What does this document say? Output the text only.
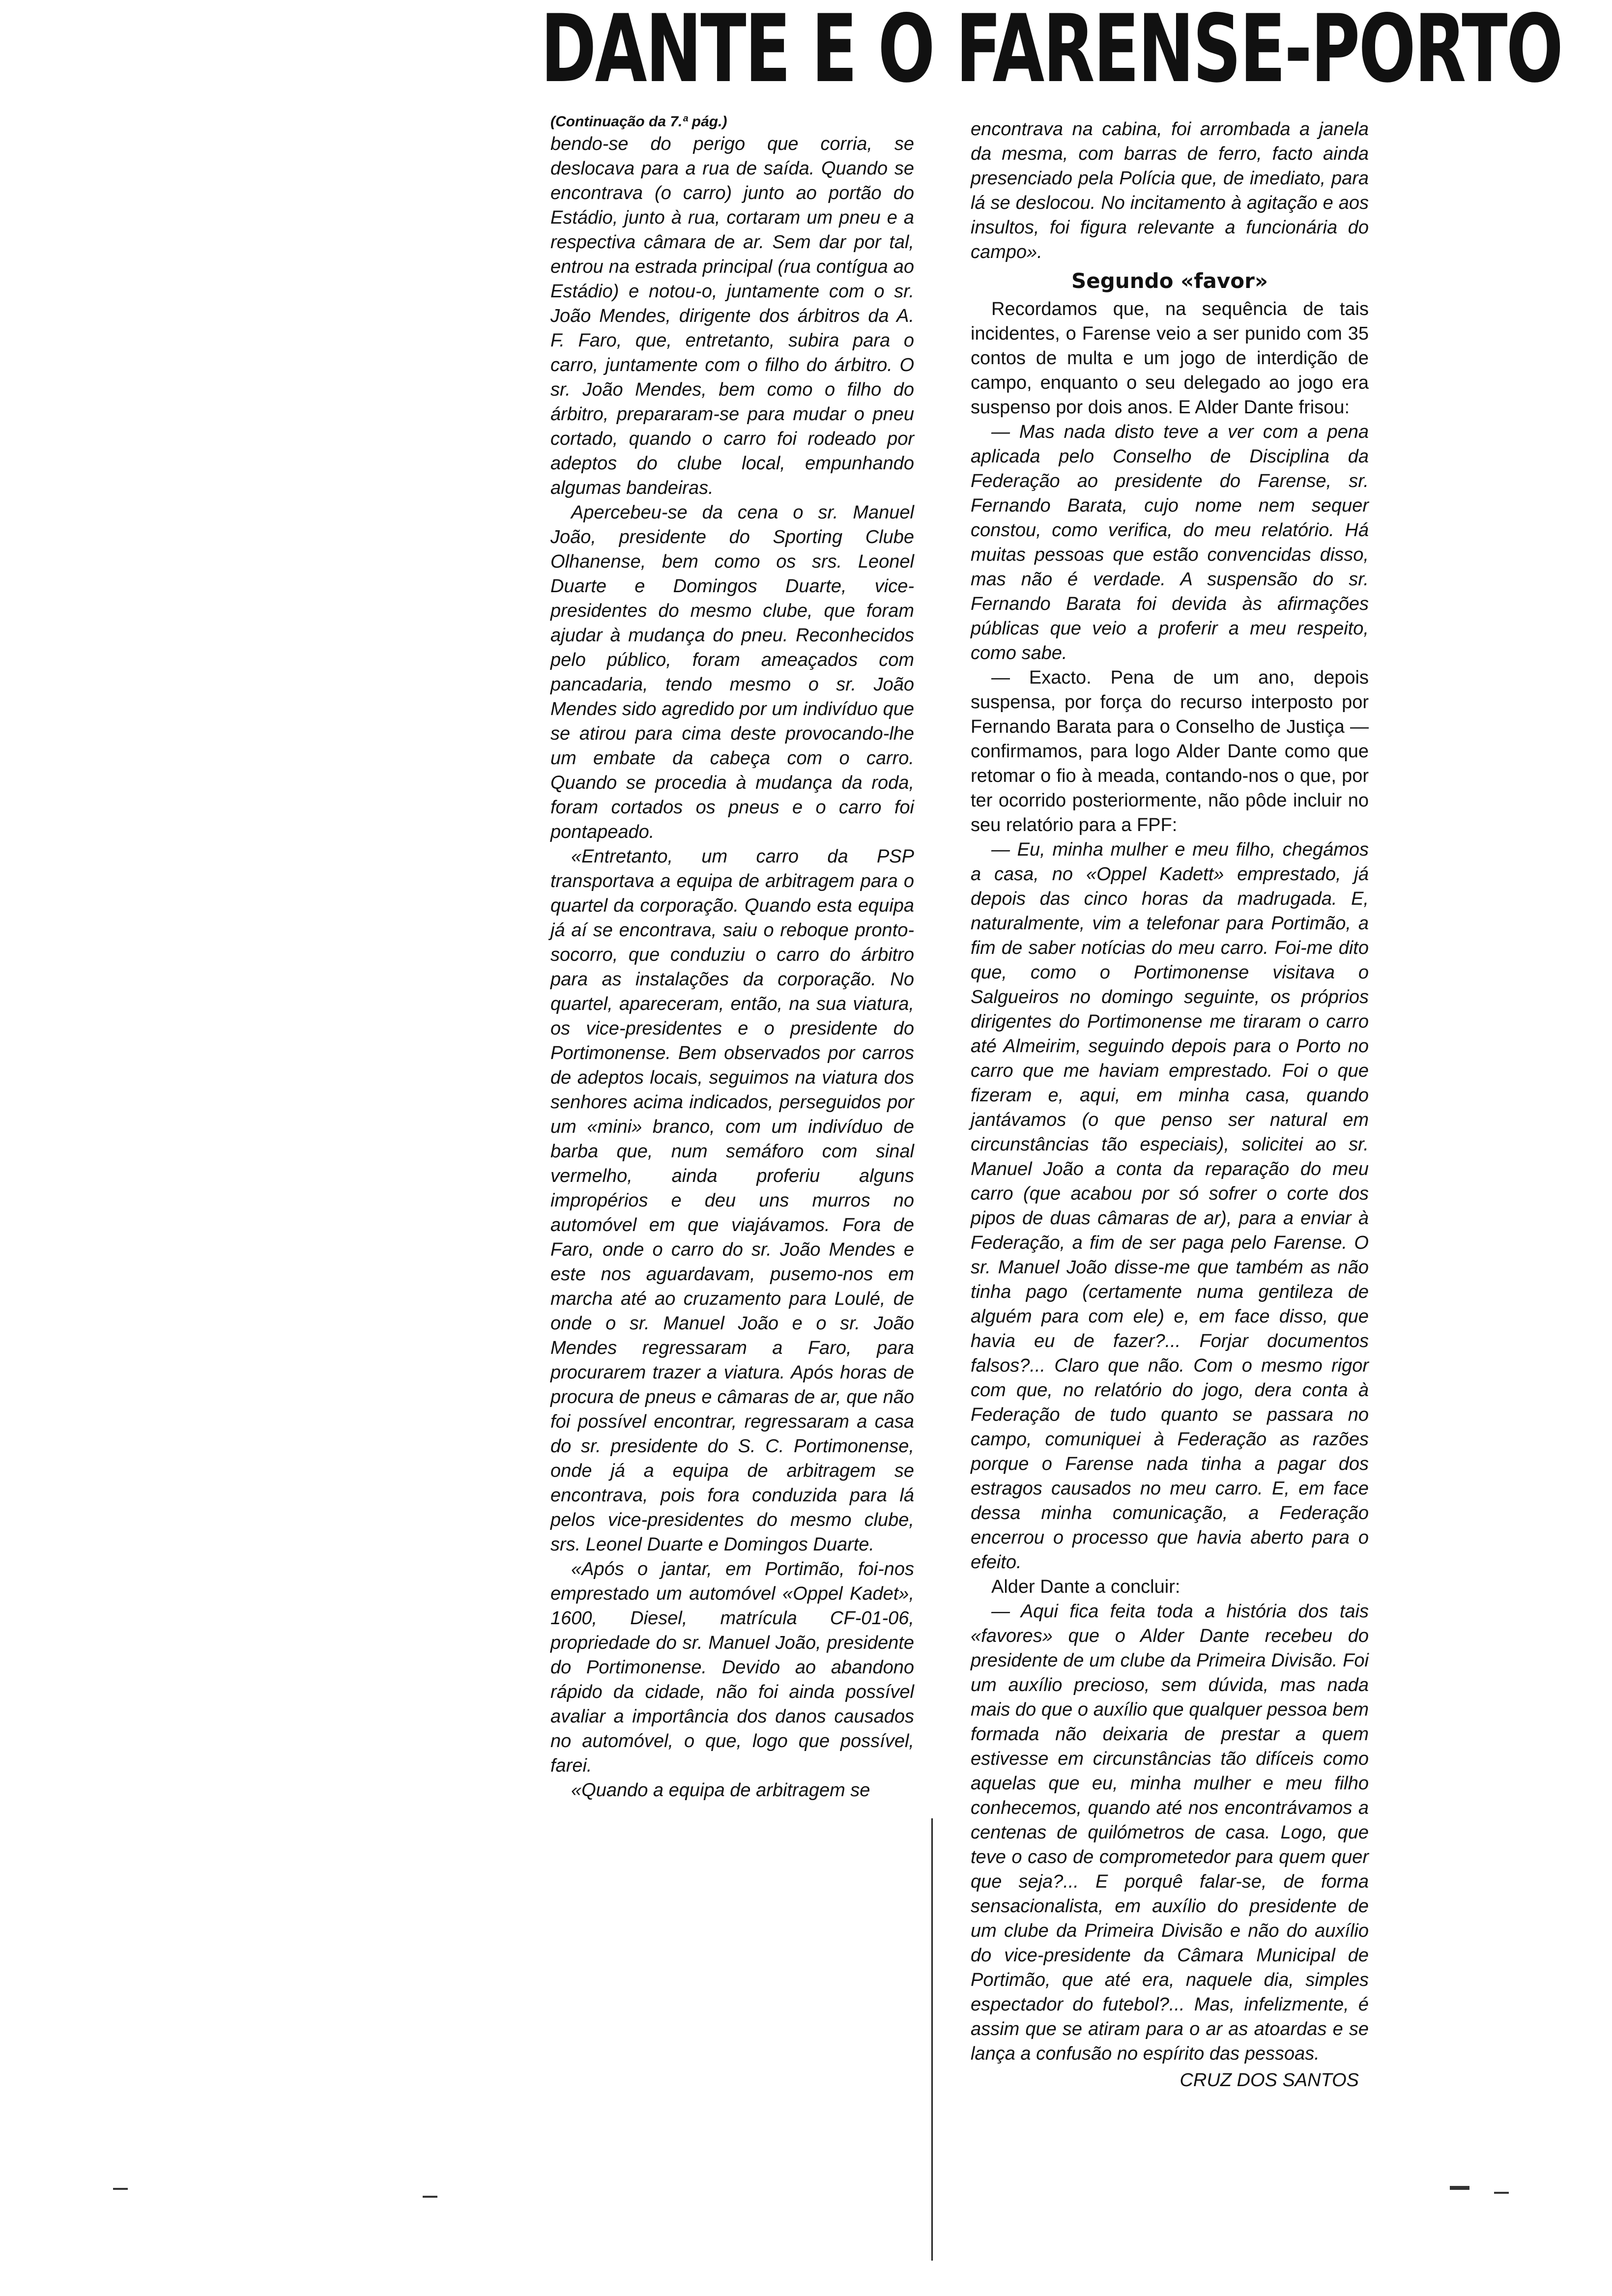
DANTE E O FARENSE-PORTO

(Continuação da 7.ª pág.)

bendo-se do perigo que corria, se deslocava para a rua de saída. Quando se encontrava (o carro) junto ao portão do Estádio, junto à rua, cortaram um pneu e a respectiva câmara de ar. Sem dar por tal, entrou na estrada principal (rua contígua ao Estádio) e notou-o, juntamente com o sr. João Mendes, dirigente dos árbitros da A. F. Faro, que, entretanto, subira para o carro, juntamente com o filho do árbitro. O sr. João Mendes, bem como o filho do árbitro, prepararam-se para mudar o pneu cortado, quando o carro foi rodeado por adeptos do clube local, empunhando algumas bandeiras.

Apercebeu-se da cena o sr. Manuel João, presidente do Sporting Clube Olhanense, bem como os srs. Leonel Duarte e Domingos Duarte, vice-presidentes do mesmo clube, que foram ajudar à mudança do pneu. Reconhecidos pelo público, foram ameaçados com pancadaria, tendo mesmo o sr. João Mendes sido agredido por um indivíduo que se atirou para cima deste provocando-lhe um embate da cabeça com o carro. Quando se procedia à mudança da roda, foram cortados os pneus e o carro foi pontapeado.

«Entretanto, um carro da PSP transportava a equipa de arbitragem para o quartel da corporação. Quando esta equipa já aí se encontrava, saiu o reboque pronto-socorro, que conduziu o carro do árbitro para as instalações da corporação. No quartel, apareceram, então, na sua viatura, os vice-presidentes e o presidente do Portimonense. Bem observados por carros de adeptos locais, seguimos na viatura dos senhores acima indicados, perseguidos por um «mini» branco, com um indivíduo de barba que, num semáforo com sinal vermelho, ainda proferiu alguns impropérios e deu uns murros no automóvel em que viajávamos. Fora de Faro, onde o carro do sr. João Mendes e este nos aguardavam, pusemo-nos em marcha até ao cruzamento para Loulé, de onde o sr. Manuel João e o sr. João Mendes regressaram a Faro, para procurarem trazer a viatura. Após horas de procura de pneus e câmaras de ar, que não foi possível encontrar, regressaram a casa do sr. presidente do S. C. Portimonense, onde já a equipa de arbitragem se encontrava, pois fora conduzida para lá pelos vice-presidentes do mesmo clube, srs. Leonel Duarte e Domingos Duarte.

«Após o jantar, em Portimão, foi-nos emprestado um automóvel «Oppel Kadet», 1600, Diesel, matrícula CF-01-06, propriedade do sr. Manuel João, presidente do Portimonense. Devido ao abandono rápido da cidade, não foi ainda possível avaliar a importância dos danos causados no automóvel, o que, logo que possível, farei.

«Quando a equipa de arbitragem se

encontrava na cabina, foi arrombada a janela da mesma, com barras de ferro, facto ainda presenciado pela Polícia que, de imediato, para lá se deslocou. No incitamento à agitação e aos insultos, foi figura relevante a funcionária do campo».

Segundo «favor»

Recordamos que, na sequência de tais incidentes, o Farense veio a ser punido com 35 contos de multa e um jogo de interdição de campo, enquanto o seu delegado ao jogo era suspenso por dois anos. E Alder Dante frisou:

— Mas nada disto teve a ver com a pena aplicada pelo Conselho de Disciplina da Federação ao presidente do Farense, sr. Fernando Barata, cujo nome nem sequer constou, como verifica, do meu relatório. Há muitas pessoas que estão convencidas disso, mas não é verdade. A suspensão do sr. Fernando Barata foi devida às afirmações públicas que veio a proferir a meu respeito, como sabe.

— Exacto. Pena de um ano, depois suspensa, por força do recurso interposto por Fernando Barata para o Conselho de Justiça — confirmamos, para logo Alder Dante como que retomar o fio à meada, contando-nos o que, por ter ocorrido posteriormente, não pôde incluir no seu relatório para a FPF:

— Eu, minha mulher e meu filho, chegámos a casa, no «Oppel Kadett» emprestado, já depois das cinco horas da madrugada. E, naturalmente, vim a telefonar para Portimão, a fim de saber notícias do meu carro. Foi-me dito que, como o Portimonense visitava o Salgueiros no domingo seguinte, os próprios dirigentes do Portimonense me tiraram o carro até Almeirim, seguindo depois para o Porto no carro que me haviam emprestado. Foi o que fizeram e, aqui, em minha casa, quando jantávamos (o que penso ser natural em circunstâncias tão especiais), solicitei ao sr. Manuel João a conta da reparação do meu carro (que acabou por só sofrer o corte dos pipos de duas câmaras de ar), para a enviar à Federação, a fim de ser paga pelo Farense. O sr. Manuel João disse-me que também as não tinha pago (certamente numa gentileza de alguém para com ele) e, em face disso, que havia eu de fazer?... Forjar documentos falsos?... Claro que não. Com o mesmo rigor com que, no relatório do jogo, dera conta à Federação de tudo quanto se passara no campo, comuniquei à Federação as razões porque o Farense nada tinha a pagar dos estragos causados no meu carro. E, em face dessa minha comunicação, a Federação encerrou o processo que havia aberto para o efeito.

Alder Dante a concluir:

— Aqui fica feita toda a história dos tais «favores» que o Alder Dante recebeu do presidente de um clube da Primeira Divisão. Foi um auxílio precioso, sem dúvida, mas nada mais do que o auxílio que qualquer pessoa bem formada não deixaria de prestar a quem estivesse em circunstâncias tão difíceis como aquelas que eu, minha mulher e meu filho conhecemos, quando até nos encontrávamos a centenas de quilómetros de casa. Logo, que teve o caso de comprometedor para quem quer que seja?... E porquê falar-se, de forma sensacionalista, em auxílio do presidente de um clube da Primeira Divisão e não do auxílio do vice-presidente da Câmara Municipal de Portimão, que até era, naquele dia, simples espectador do futebol?... Mas, infelizmente, é assim que se atiram para o ar as atoardas e se lança a confusão no espírito das pessoas.

CRUZ DOS SANTOS
